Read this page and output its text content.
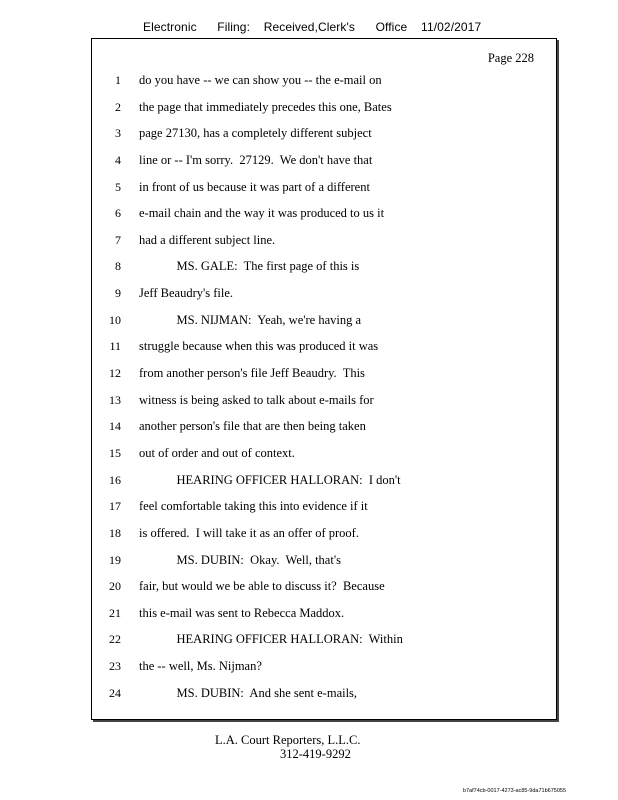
Electronic      Filing:    Received,Clerk's      Office    11/02/2017
Page 228
1
2
3
4
5
6
7
8
9
10
11
12
13
14
15
16
17
18
19
20
21
22
23
24
do you have -- we can show you -- the e-mail on
the page that immediately precedes this one, Bates
page 27130, has a completely different subject
line or -- I'm sorry.  27129.  We don't have that
in front of us because it was part of a different
e-mail chain and the way it was produced to us it
had a different subject line.
MS. GALE:  The first page of this is
Jeff Beaudry's file.
MS. NIJMAN:  Yeah, we're having a
struggle because when this was produced it was
from another person's file Jeff Beaudry.  This
witness is being asked to talk about e-mails for
another person's file that are then being taken
out of order and out of context.
HEARING OFFICER HALLORAN:  I don't
feel comfortable taking this into evidence if it
is offered.  I will take it as an offer of proof.
MS. DUBIN:  Okay.  Well, that's
fair, but would we be able to discuss it?  Because
this e-mail was sent to Rebecca Maddox.
HEARING OFFICER HALLORAN:  Within
the -- well, Ms. Nijman?
MS. DUBIN:  And she sent e-mails,
L.A. Court Reporters, L.L.C.
312-419-9292
b7af74cb-0017-4273-ac85-9da71b675055
